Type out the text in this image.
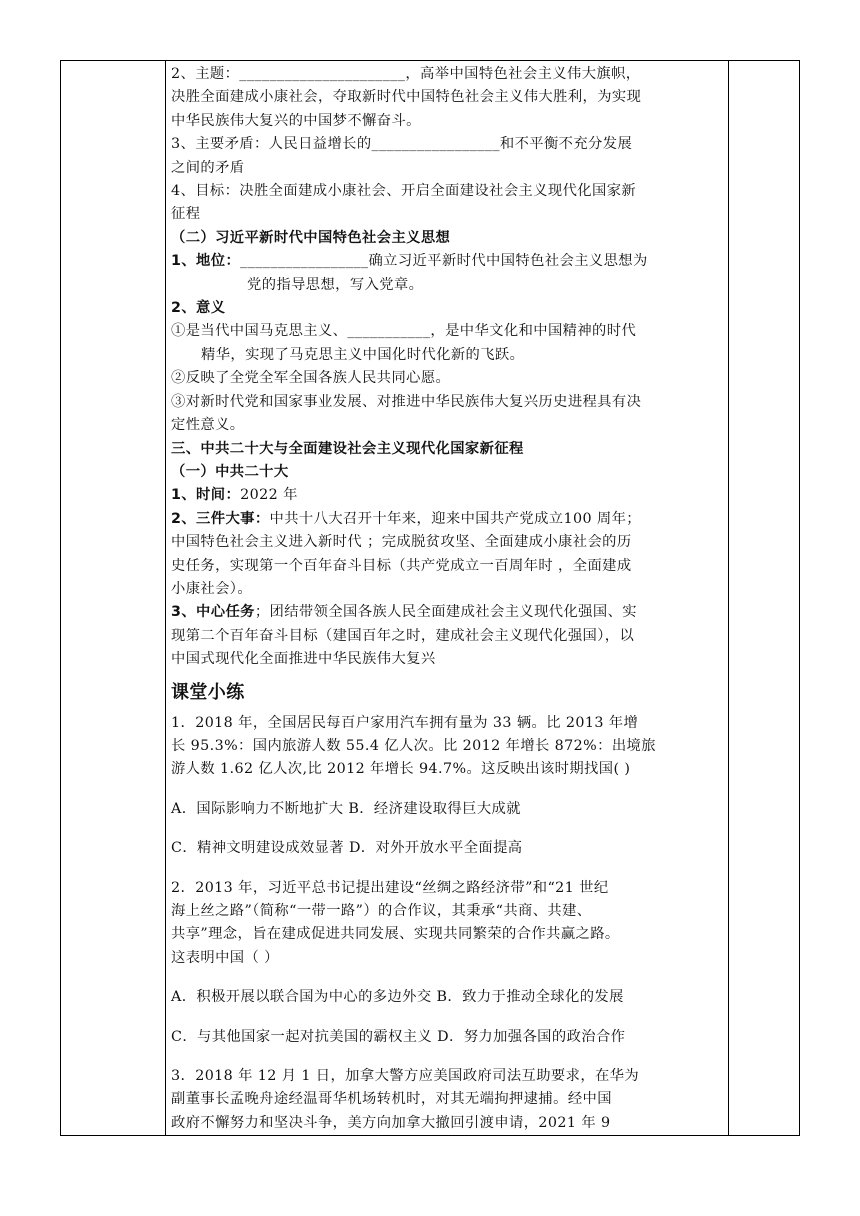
2、主题：______________________，高举中国特色社会主义伟大旗帜，

决胜全面建成小康社会，夺取新时代中国特色社会主义伟大胜利，为实现

中华民族伟大复兴的中国梦不懈奋斗。

3、主要矛盾：人民日益增长的_________________和不平衡不充分发展

之间的矛盾

4、目标：决胜全面建成小康社会、开启全面建设社会主义现代化国家新

征程

（二）习近平新时代中国特色社会主义思想

1、地位：_________________确立习近平新时代中国特色社会主义思想为

党的指导思想，写入党章。

2、意义

①是当代中国马克思主义、___________，是中华文化和中国精神的时代

精华，实现了马克思主义中国化时代化新的飞跃。

②反映了全党全军全国各族人民共同心愿。

③对新时代党和国家事业发展、对推进中华民族伟大复兴历史进程具有决

定性意义。

三、中共二十大与全面建设社会主义现代化国家新征程

（一）中共二十大

1、时间：2022 年

2、三件大事：中共十八大召开十年来，迎来中国共产党成立100 周年；

中国特色社会主义进入新时代 ；完成脱贫攻坚、全面建成小康社会的历

史任务，实现第一个百年奋斗目标（共产党成立一百周年时 ，全面建成

小康社会）。

3、中心任务；团结带领全国各族人民全面建成社会主义现代化强国、实

现第二个百年奋斗目标（建国百年之时，建成社会主义现代化强国），以

中国式现代化全面推进中华民族伟大复兴

课堂小练

1．2018 年，全国居民每百户家用汽车拥有量为 33 辆。比 2013 年增

长 95.3%：国内旅游人数 55.4 亿人次。比 2012 年增长 872%：出境旅

游人数 1.62 亿人次,比 2012 年增长 94.7%。这反映出该时期找国( )

A．国际影响力不断地扩大 B．经济建设取得巨大成就

C．精神文明建设成效显著 D．对外开放水平全面提高

2．2013 年，习近平总书记提出建设“丝绸之路经济带”和“21 世纪

海上丝之路”（简称“一带一路”）的合作议，其秉承“共商、共建、

共享”理念，旨在建成促进共同发展、实现共同繁荣的合作共赢之路。

这表明中国（ ）

A．积极开展以联合国为中心的多边外交 B．致力于推动全球化的发展

C．与其他国家一起对抗美国的霸权主义 D．努力加强各国的政治合作

3．2018 年 12 月 1 日，加拿大警方应美国政府司法互助要求，在华为

副董事长孟晚舟途经温哥华机场转机时，对其无端拘押逮捕。经中国

政府不懈努力和坚决斗争，美方向加拿大撤回引渡申请，2021 年 9
